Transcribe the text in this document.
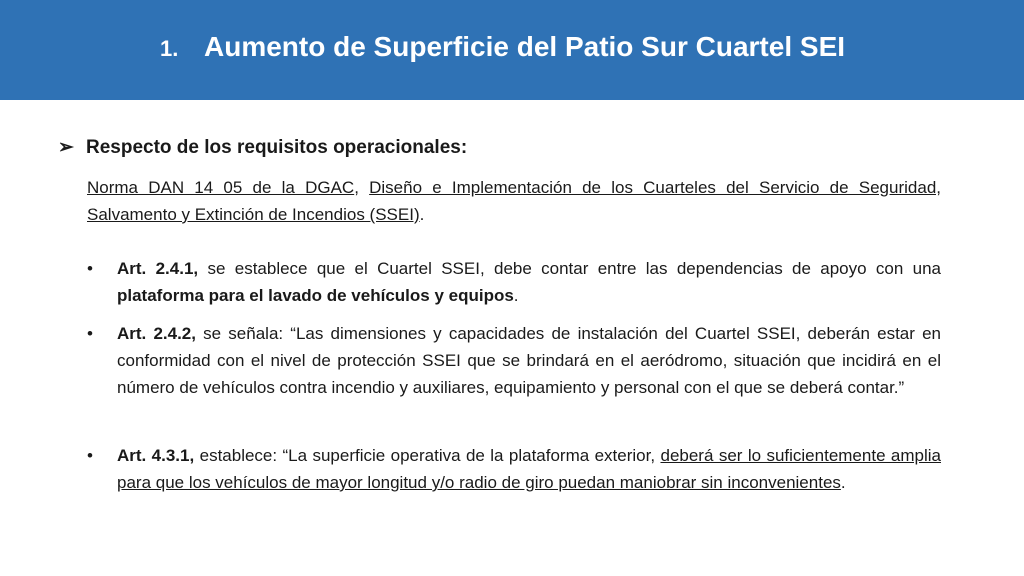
1. Aumento de Superficie del Patio Sur Cuartel SEI
➢ Respecto de los requisitos operacionales:
Norma DAN 14 05 de la DGAC, Diseño e Implementación de los Cuarteles del Servicio de Seguridad, Salvamento y Extinción de Incendios (SSEI).
• Art. 2.4.1, se establece que el Cuartel SSEI, debe contar entre las dependencias de apoyo con una plataforma para el lavado de vehículos y equipos.
• Art. 2.4.2, se señala: “Las dimensiones y capacidades de instalación del Cuartel SSEI, deberán estar en conformidad con el nivel de protección SSEI que se brindará en el aeródromo, situación que incidirá en el número de vehículos contra incendio y auxiliares, equipamiento y personal con el que se deberá contar.”
• Art. 4.3.1, establece: “La superficie operativa de la plataforma exterior, deberá ser lo suficientemente amplia para que los vehículos de mayor longitud y/o radio de giro puedan maniobrar sin inconvenientes.
